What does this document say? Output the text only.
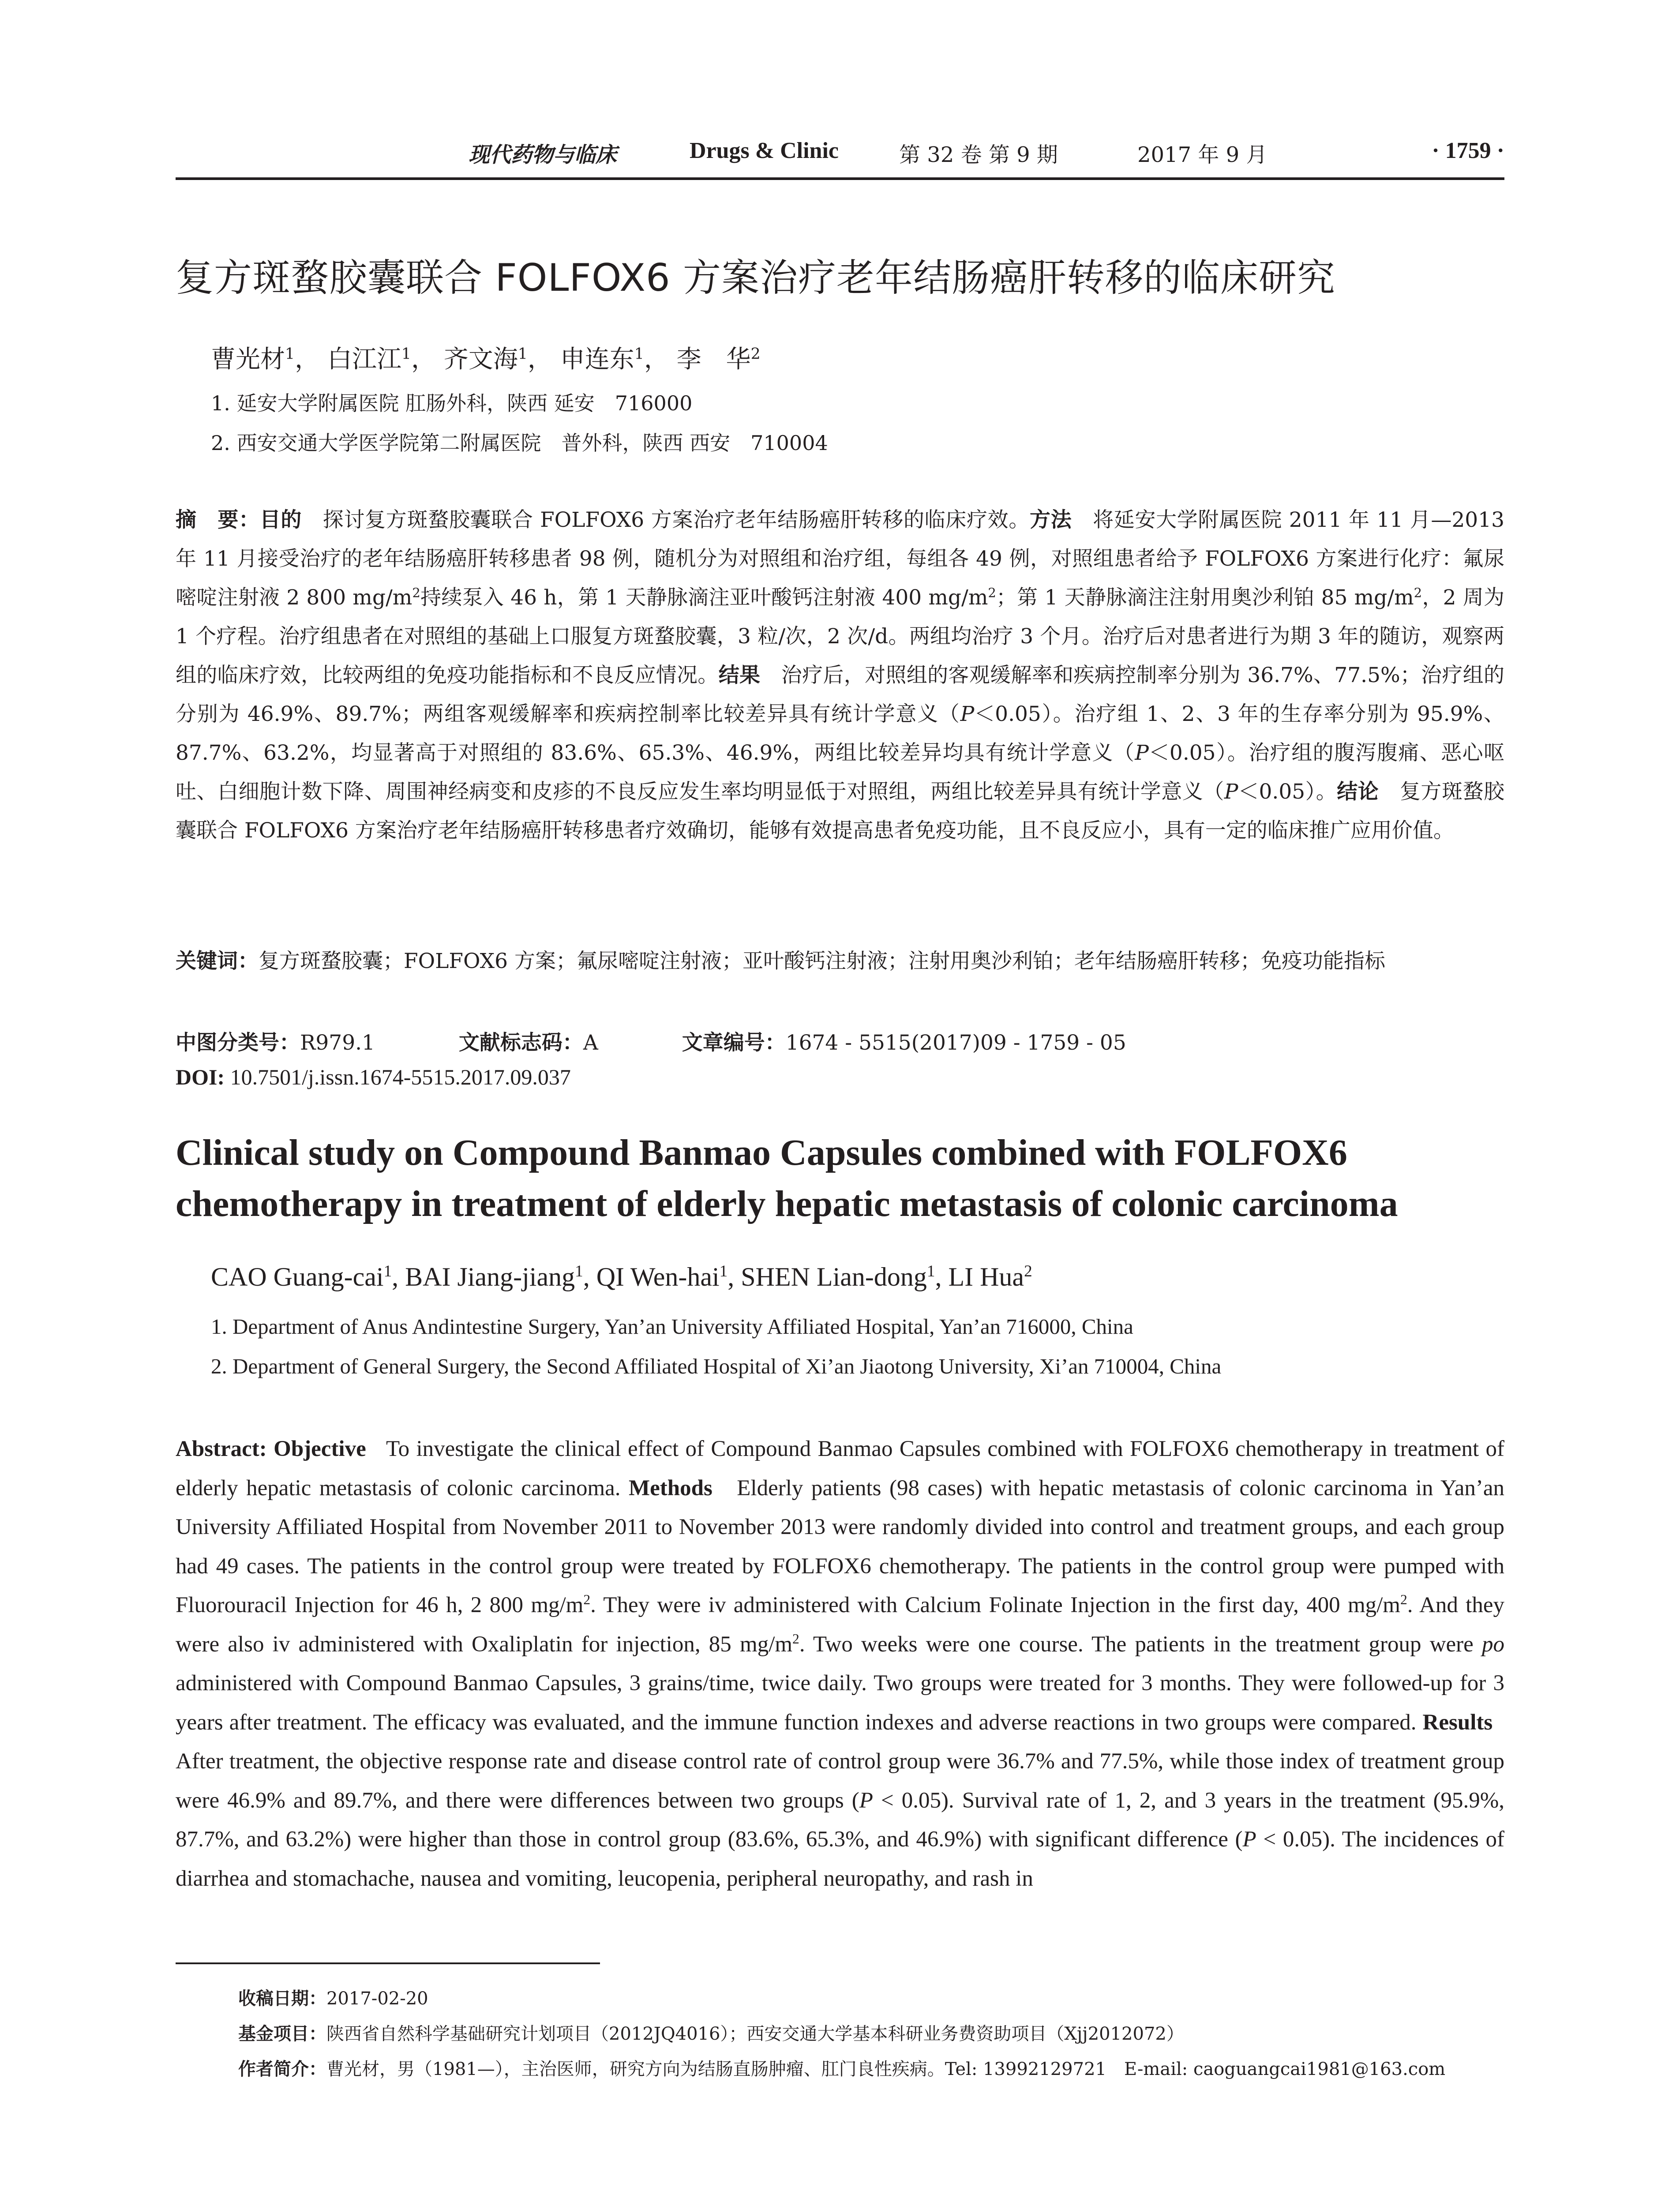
现代药物与临床	Drugs & Clinic	第 32 卷 第 9 期	2017 年 9 月	· 1759 ·
复方斑蝥胶囊联合 FOLFOX6 方案治疗老年结肠癌肝转移的临床研究
曹光材$^1$， 白江江$^1$， 齐文海$^1$， 申连东$^1$， 李　华$^2$
1. 延安大学附属医院 肛肠外科，陕西 延安　716000
2. 西安交通大学医学院第二附属医院　普外科，陕西 西安　710004
摘　要：目的　 探讨复方斑蝥胶囊联合 FOLFOX6 方案治疗老年结肠癌肝转移的临床疗效。方法　 将延安大学附属医院 2011 年 11 月—2013 年 11 月接受治疗的老年结肠癌肝转移患者 98 例，随机分为对照组和治疗组，每组各 49 例，对照组患者给予 FOLFOX6 方案进行化疗：氟尿嘧啶注射液 2 800 $mg/m^2$持续泵入 46 h，第 1 天静脉滴注亚叶酸钙注射液 400 $mg/m^2$；第 1 天静脉滴注注射用奥沙利铂 85 $mg/m^2$，2 周为 1 个疗程。治疗组患者在对照组的基础上口服复方斑蝥胶囊，3 粒/次，2 次/d。两组均治疗 3 个月。治疗后对患者进行为期 3 年的随访，观察两组的临床疗效，比较两组的免疫功能指标和不良反应情况。结果　 治疗后，对照组的客观缓解率和疾病控制率分别为 36.7%、77.5%；治疗组的分别为 46.9%、89.7%；两组客观缓解率和疾病控制率比较差异具有统计学意义（P＜0.05）。治疗组 1、2、3 年的生存率分别为 95.9%、87.7%、63.2%，均显著高于对照组的 83.6%、65.3%、46.9%，两组比较差异均具有统计学意义（P＜0.05）。治疗组的腹泻腹痛、恶心呕吐、白细胞计数下降、周围神经病变和皮疹的不良反应发生率均明显低于对照组，两组比较差异具有统计学意义（P＜0.05）。结论　 复方斑蝥胶囊联合 FOLFOX6 方案治疗老年结肠癌肝转移患者疗效确切，能够有效提高患者免疫功能，且不良反应小，具有一定的临床推广应用价值。
关键词：复方斑蝥胶囊；FOLFOX6 方案；氟尿嘧啶注射液；亚叶酸钙注射液；注射用奥沙利铂；老年结肠癌肝转移；免疫功能指标
中图分类号：R979.1	文献标志码：A	文章编号：1674 - 5515(2017)09 - 1759 - 05
DOI: 10.7501/j.issn.1674-5515.2017.09.037
Clinical study on Compound Banmao Capsules combined with FOLFOX6 chemotherapy in treatment of elderly hepatic metastasis of colonic carcinoma
CAO Guang-cai$^1$, BAI Jiang-jiang$^1$, QI Wen-hai$^1$, SHEN Lian-dong$^1$, LI Hua$^2$
1. Department of Anus Andintestine Surgery, Yan’an University Affiliated Hospital, Yan’an 716000, China
2. Department of General Surgery, the Second Affiliated Hospital of Xi’an Jiaotong University, Xi’an 710004, China
Abstract: Objective To investigate the clinical effect of Compound Banmao Capsules combined with FOLFOX6 chemotherapy in treatment of elderly hepatic metastasis of colonic carcinoma. Methods Elderly patients (98 cases) with hepatic metastasis of colonic carcinoma in Yan’an University Affiliated Hospital from November 2011 to November 2013 were randomly divided into control and treatment groups, and each group had 49 cases. The patients in the control group were treated by FOLFOX6 chemotherapy. The patients in the control group were pumped with Fluorouracil Injection for 46 h, 2 800 $mg/m^2$. They were iv administered with Calcium Folinate Injection in the first day, 400 $mg/m^2$. And they were also iv administered with Oxaliplatin for injection, 85 $mg/m^2$. Two weeks were one course. The patients in the treatment group were po administered with Compound Banmao Capsules, 3 grains/time, twice daily. Two groups were treated for 3 months. They were followed-up for 3 years after treatment. The efficacy was evaluated, and the immune function indexes and adverse reactions in two groups were compared. Results   After treatment, the objective response rate and disease control rate of control group were 36.7% and 77.5%, while those index of treatment group were 46.9% and 89.7%, and there were differences between two groups (P < 0.05). Survival rate of 1, 2, and 3 years in the treatment (95.9%, 87.7%, and 63.2%) were higher than those in control group (83.6%, 65.3%, and 46.9%) with significant difference (P < 0.05). The incidences of diarrhea and stomachache, nausea and vomiting, leucopenia, peripheral neuropathy, and rash in
收稿日期：2017-02-20
基金项目：陕西省自然科学基础研究计划项目（2012JQ4016）；西安交通大学基本科研业务费资助项目（Xjj2012072）
作者简介：曹光材，男（1981—），主治医师，研究方向为结肠直肠肿瘤、肛门良性疾病。Tel: 13992129721　E-mail: caoguangcai1981@163.com
